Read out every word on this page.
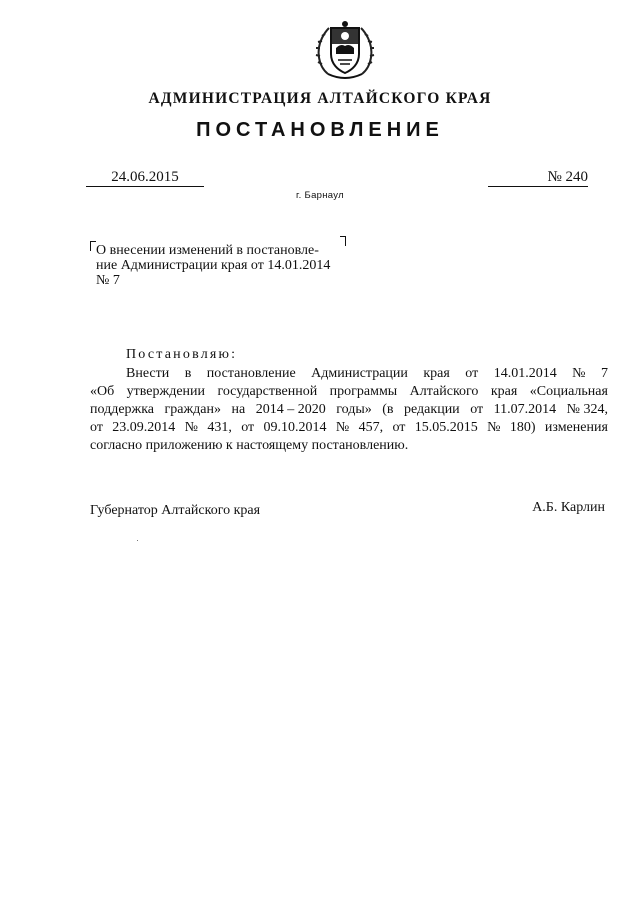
АДМИНИСТРАЦИЯ АЛТАЙСКОГО КРАЯ
ПОСТАНОВЛЕНИЕ
24.06.2015	№ 240
г. Барнаул
О внесении изменений в постановле-
ние Администрации края от 14.01.2014
№ 7
Постановляю:
Внести в постановление Администрации края от 14.01.2014 № 7
«Об утверждении государственной программы Алтайского края «Социальная
поддержка граждан» на 2014 – 2020 годы» (в редакции от 11.07.2014 № 324,
от 23.09.2014 № 431, от 09.10.2014 № 457, от 15.05.2015 № 180) изменения
согласно приложению к настоящему постановлению.
Губернатор Алтайского края	А.Б. Карлин
